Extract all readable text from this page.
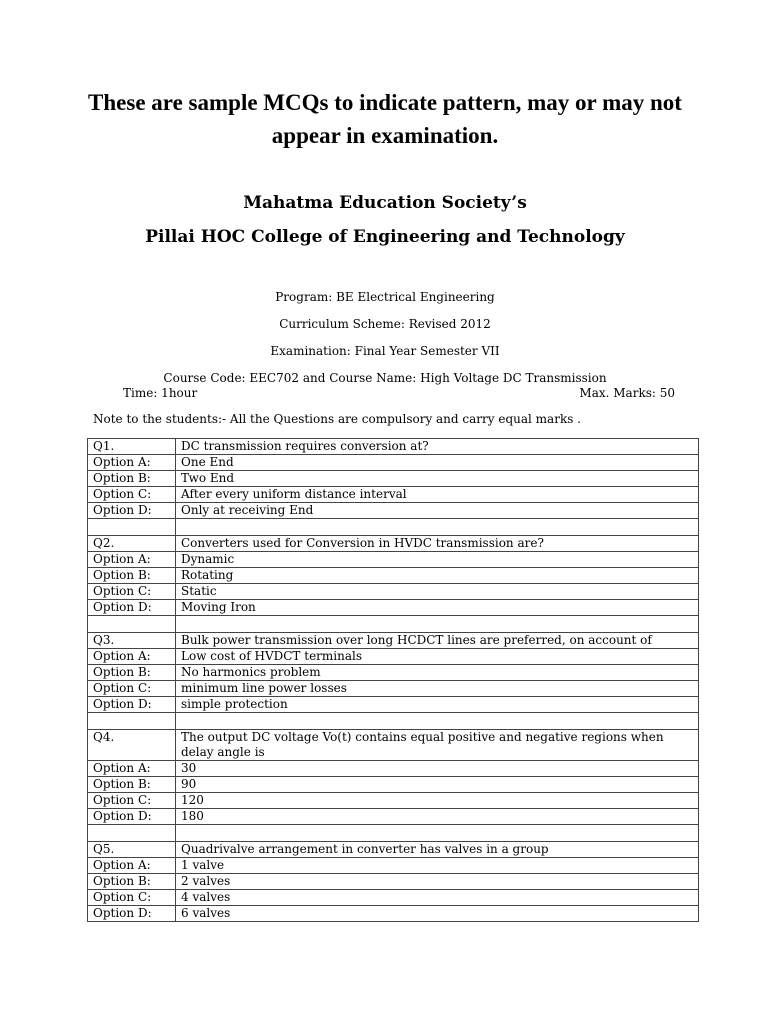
These are sample MCQs to indicate pattern, may or may not appear in examination.
Mahatma Education Society’s
Pillai HOC College of Engineering and Technology
Program: BE Electrical Engineering
Curriculum Scheme: Revised 2012
Examination: Final Year Semester VII
Course Code: EEC702 and Course Name: High Voltage DC Transmission
Time: 1hour	Max. Marks: 50
Note to the students:- All the Questions are compulsory and carry equal marks .
Q1.	DC transmission requires conversion at?
Option A:	One End
Option B:	Two End
Option C:	After every uniform distance interval
Option D:	Only at receiving End

Q2.	Converters used for Conversion in HVDC transmission are?
Option A:	Dynamic
Option B:	Rotating
Option C:	Static
Option D:	Moving Iron

Q3.	Bulk power transmission over long HCDCT lines are preferred, on account of
Option A:	Low cost of HVDCT terminals
Option B:	No harmonics problem
Option C:	minimum line power losses
Option D:	simple protection

Q4.	The output DC voltage Vo(t) contains equal positive and negative regions when delay angle is
Option A:	30
Option B:	90
Option C:	120
Option D:	180

Q5.	Quadrivalve arrangement in converter has valves in a group
Option A:	1 valve
Option B:	2 valves
Option C:	4 valves
Option D:	6 valves
